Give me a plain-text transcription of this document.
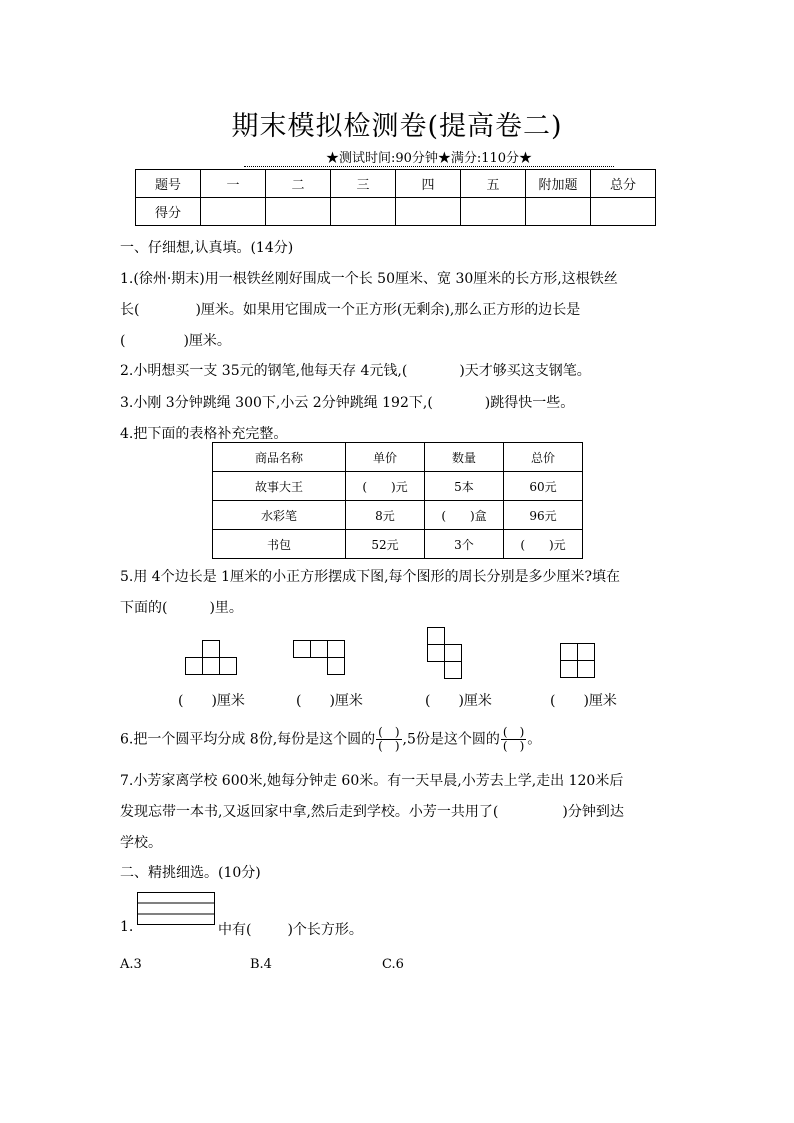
期末模拟检测卷(提高卷二)
★测试时间:90分钟★满分:110分★
题号	一	二	三	四	五	附加题	总分
得分							
一、仔细想,认真填。(14分)
1.(徐州·期末)用一根铁丝刚好围成一个长 50厘米、宽 30厘米的长方形,这根铁丝
长(	)厘米。如果用它围成一个正方形(无剩余),那么正方形的边长是
(	)厘米。
2.小明想买一支 35元的钢笔,他每天存 4元钱,(	)天才够买这支钢笔。
3.小刚 3分钟跳绳 300下,小云 2分钟跳绳 192下,(	)跳得快一些。
4.把下面的表格补充完整。
商品名称	单价	数量	总价
故事大王	(　　)元	5本	60元
水彩笔	8元	(　　)盒	96元
书包	52元	3个	(　　)元
5.用 4个边长是 1厘米的小正方形摆成下图,每个图形的周长分别是多少厘米?填在
下面的(　　　)里。
(　　)厘米	(　　)厘米	(　　)厘米	(　　)厘米
6.把一个圆平均分成 8份,每份是这个圆的 $\frac{( )}{( )} ,5$份是这个圆的 $\frac{( )}{( )}$ 。
7.小芳家离学校 600米,她每分钟走 60米。有一天早晨,小芳去上学,走出 120米后
发现忘带一本书,又返回家中拿,然后走到学校。小芳一共用了(	)分钟到达
学校。
二、精挑细选。(10分)
1.	中有(	)个长方形。
A.3	B.4	C.6
